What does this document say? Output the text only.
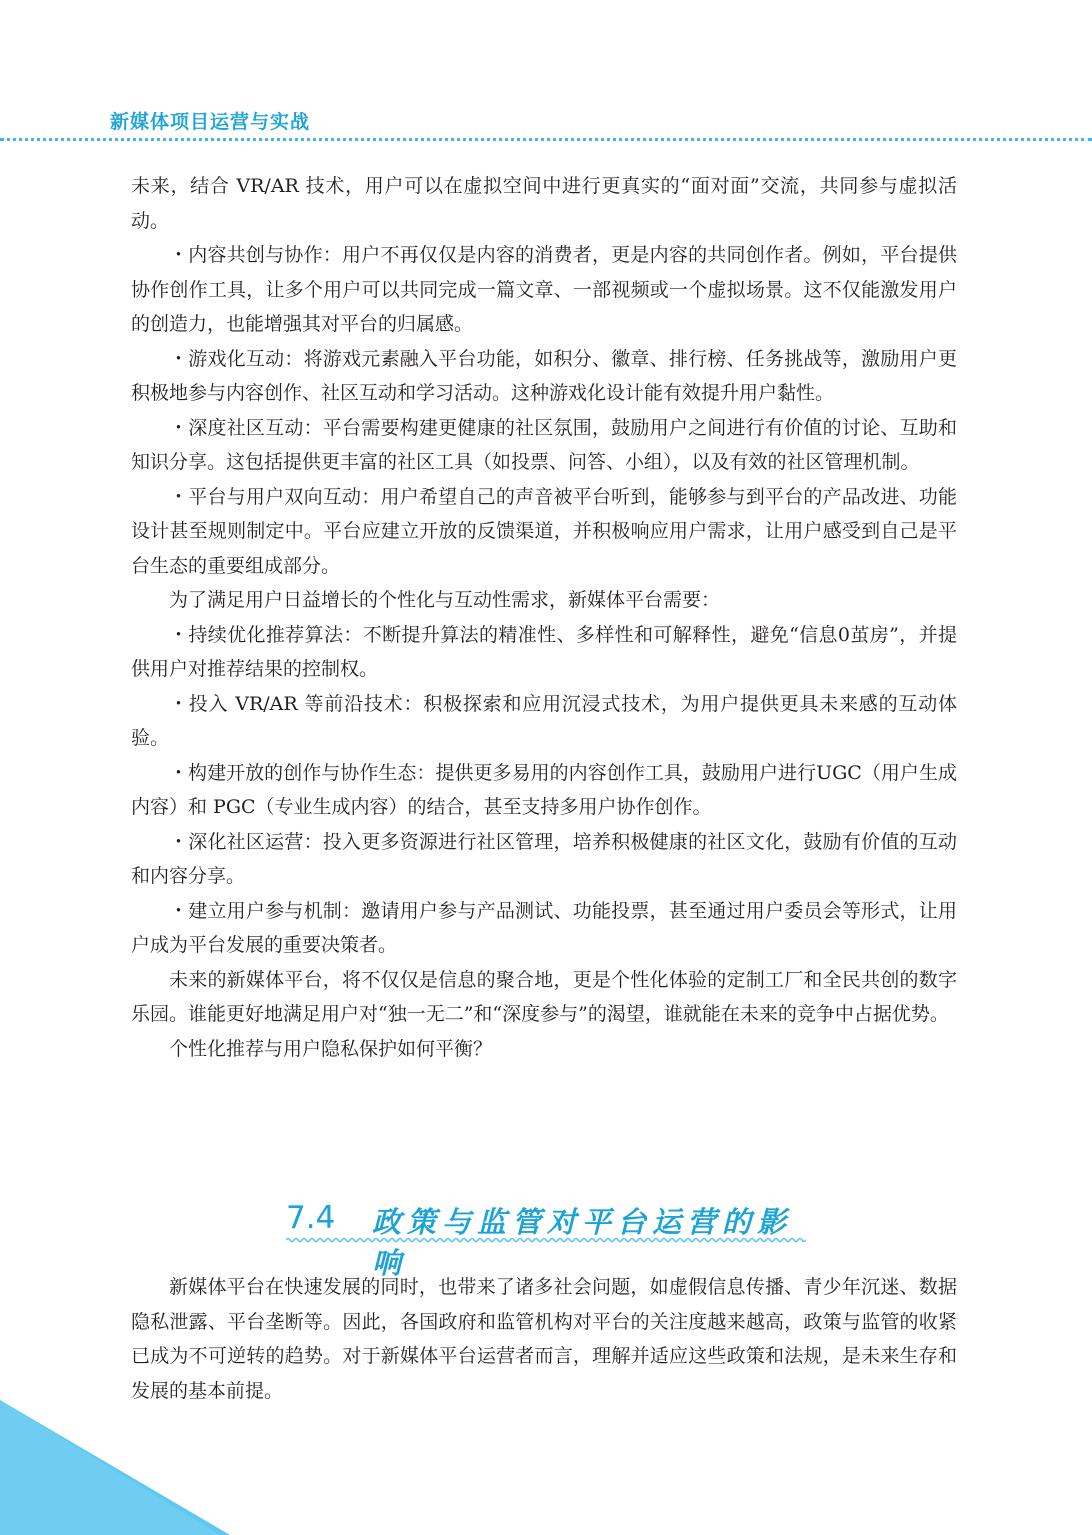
新媒体项目运营与实战

未来，结合 VR/AR 技术，用户可以在虚拟空间中进行更真实的“面对面”交流，共同参与虚拟活动。

・内容共创与协作：用户不再仅仅是内容的消费者，更是内容的共同创作者。例如，平台提供协作创作工具，让多个用户可以共同完成一篇文章、一部视频或一个虚拟场景。这不仅能激发用户的创造力，也能增强其对平台的归属感。

・游戏化互动：将游戏元素融入平台功能，如积分、徽章、排行榜、任务挑战等，激励用户更积极地参与内容创作、社区互动和学习活动。这种游戏化设计能有效提升用户黏性。

・深度社区互动：平台需要构建更健康的社区氛围，鼓励用户之间进行有价值的讨论、互助和知识分享。这包括提供更丰富的社区工具（如投票、问答、小组），以及有效的社区管理机制。

・平台与用户双向互动：用户希望自己的声音被平台听到，能够参与到平台的产品改进、功能设计甚至规则制定中。平台应建立开放的反馈渠道，并积极响应用户需求，让用户感受到自己是平台生态的重要组成部分。

为了满足用户日益增长的个性化与互动性需求，新媒体平台需要：

・持续优化推荐算法：不断提升算法的精准性、多样性和可解释性，避免“信息0茧房”，并提供用户对推荐结果的控制权。

・投入 VR/AR 等前沿技术：积极探索和应用沉浸式技术，为用户提供更具未来感的互动体验。

・构建开放的创作与协作生态：提供更多易用的内容创作工具，鼓励用户进行UGC（用户生成内容）和 PGC（专业生成内容）的结合，甚至支持多用户协作创作。

・深化社区运营：投入更多资源进行社区管理，培养积极健康的社区文化，鼓励有价值的互动和内容分享。

・建立用户参与机制：邀请用户参与产品测试、功能投票，甚至通过用户委员会等形式，让用户成为平台发展的重要决策者。

未来的新媒体平台，将不仅仅是信息的聚合地，更是个性化体验的定制工厂和全民共创的数字乐园。谁能更好地满足用户对“独一无二”和“深度参与”的渴望，谁就能在未来的竞争中占据优势。

个性化推荐与用户隐私保护如何平衡？

7.4 政策与监管对平台运营的影响

新媒体平台在快速发展的同时，也带来了诸多社会问题，如虚假信息传播、青少年沉迷、数据隐私泄露、平台垄断等。因此，各国政府和监管机构对平台的关注度越来越高，政策与监管的收紧已成为不可逆转的趋势。对于新媒体平台运营者而言，理解并适应这些政策和法规，是未来生存和发展的基本前提。

188
